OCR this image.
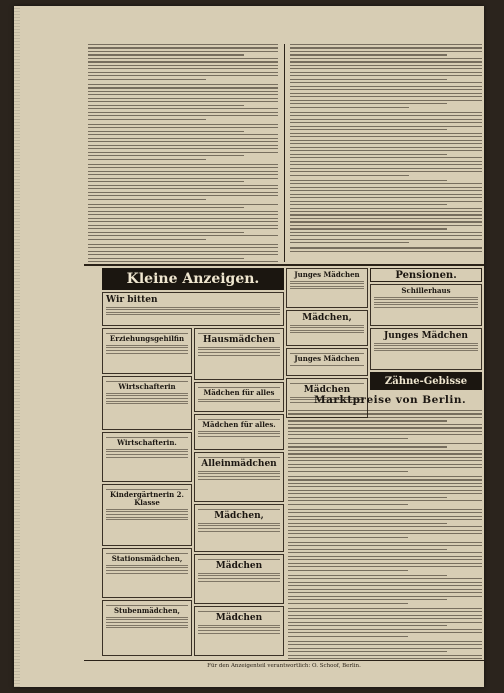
Kleine Anzeigen.
Wir bitten
Erziehungsgehilfin
Wirtschafterin
Wirtschafterin.
Kindergärtnerin 2. Klasse
Stationsmädchen,
Stubenmädchen,
Hausmädchen
Mädchen für alles
Mädchen für alles.
Alleinmädchen
Mädchen,
Mädchen
Mädchen
Junges Mädchen
Mädchen,
Junges Mädchen
Mädchen
Pensionen.
Schillerhaus
Junges Mädchen
Zähne-Gebisse
Marktpreise von Berlin.
Für den Anzeigenteil verantwortlich: O. Schoof, Berlin.
